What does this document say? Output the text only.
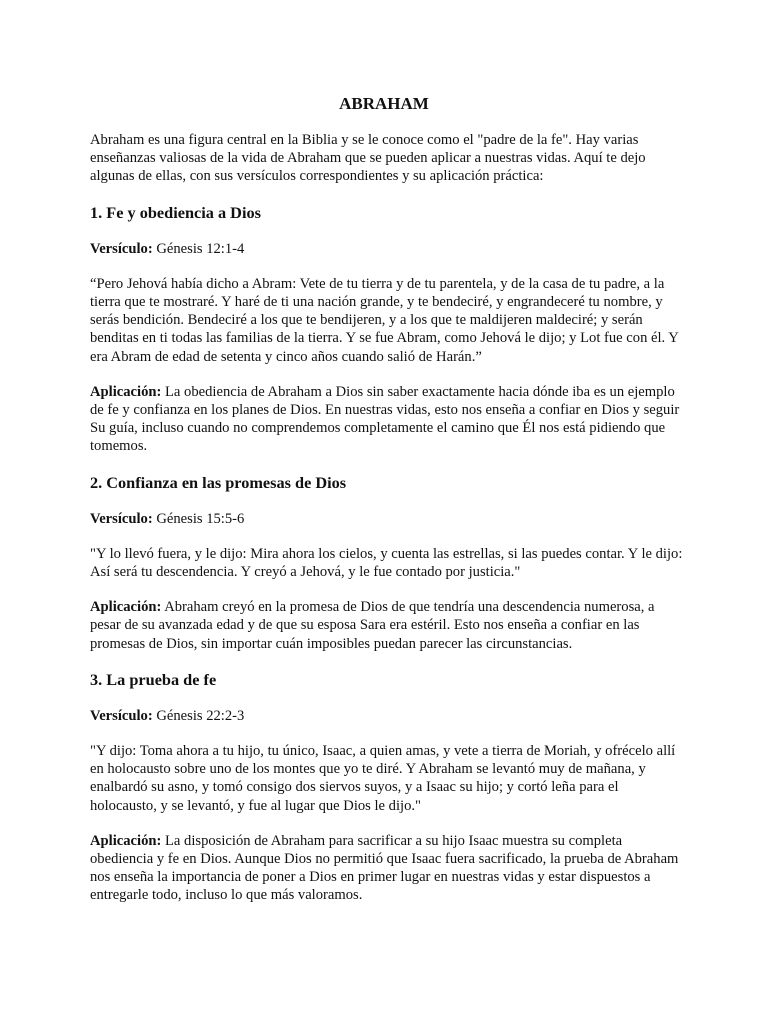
ABRAHAM

Abraham es una figura central en la Biblia y se le conoce como el "padre de la fe". Hay varias enseñanzas valiosas de la vida de Abraham que se pueden aplicar a nuestras vidas. Aquí te dejo algunas de ellas, con sus versículos correspondientes y su aplicación práctica:

1. Fe y obediencia a Dios

Versículo: Génesis 12:1-4

“Pero Jehová había dicho a Abram: Vete de tu tierra y de tu parentela, y de la casa de tu padre, a la tierra que te mostraré. Y haré de ti una nación grande, y te bendeciré, y engrandeceré tu nombre, y serás bendición. Bendeciré a los que te bendijeren, y a los que te maldijeren maldeciré; y serán benditas en ti todas las familias de la tierra. Y se fue Abram, como Jehová le dijo; y Lot fue con él. Y era Abram de edad de setenta y cinco años cuando salió de Harán.”

Aplicación: La obediencia de Abraham a Dios sin saber exactamente hacia dónde iba es un ejemplo de fe y confianza en los planes de Dios. En nuestras vidas, esto nos enseña a confiar en Dios y seguir Su guía, incluso cuando no comprendemos completamente el camino que Él nos está pidiendo que tomemos.

2. Confianza en las promesas de Dios

Versículo: Génesis 15:5-6

"Y lo llevó fuera, y le dijo: Mira ahora los cielos, y cuenta las estrellas, si las puedes contar. Y le dijo: Así será tu descendencia. Y creyó a Jehová, y le fue contado por justicia."

Aplicación: Abraham creyó en la promesa de Dios de que tendría una descendencia numerosa, a pesar de su avanzada edad y de que su esposa Sara era estéril. Esto nos enseña a confiar en las promesas de Dios, sin importar cuán imposibles puedan parecer las circunstancias.

3. La prueba de fe

Versículo: Génesis 22:2-3

"Y dijo: Toma ahora a tu hijo, tu único, Isaac, a quien amas, y vete a tierra de Moriah, y ofrécelo allí en holocausto sobre uno de los montes que yo te diré. Y Abraham se levantó muy de mañana, y enalbardó su asno, y tomó consigo dos siervos suyos, y a Isaac su hijo; y cortó leña para el holocausto, y se levantó, y fue al lugar que Dios le dijo."

Aplicación: La disposición de Abraham para sacrificar a su hijo Isaac muestra su completa obediencia y fe en Dios. Aunque Dios no permitió que Isaac fuera sacrificado, la prueba de Abraham nos enseña la importancia de poner a Dios en primer lugar en nuestras vidas y estar dispuestos a entregarle todo, incluso lo que más valoramos.
